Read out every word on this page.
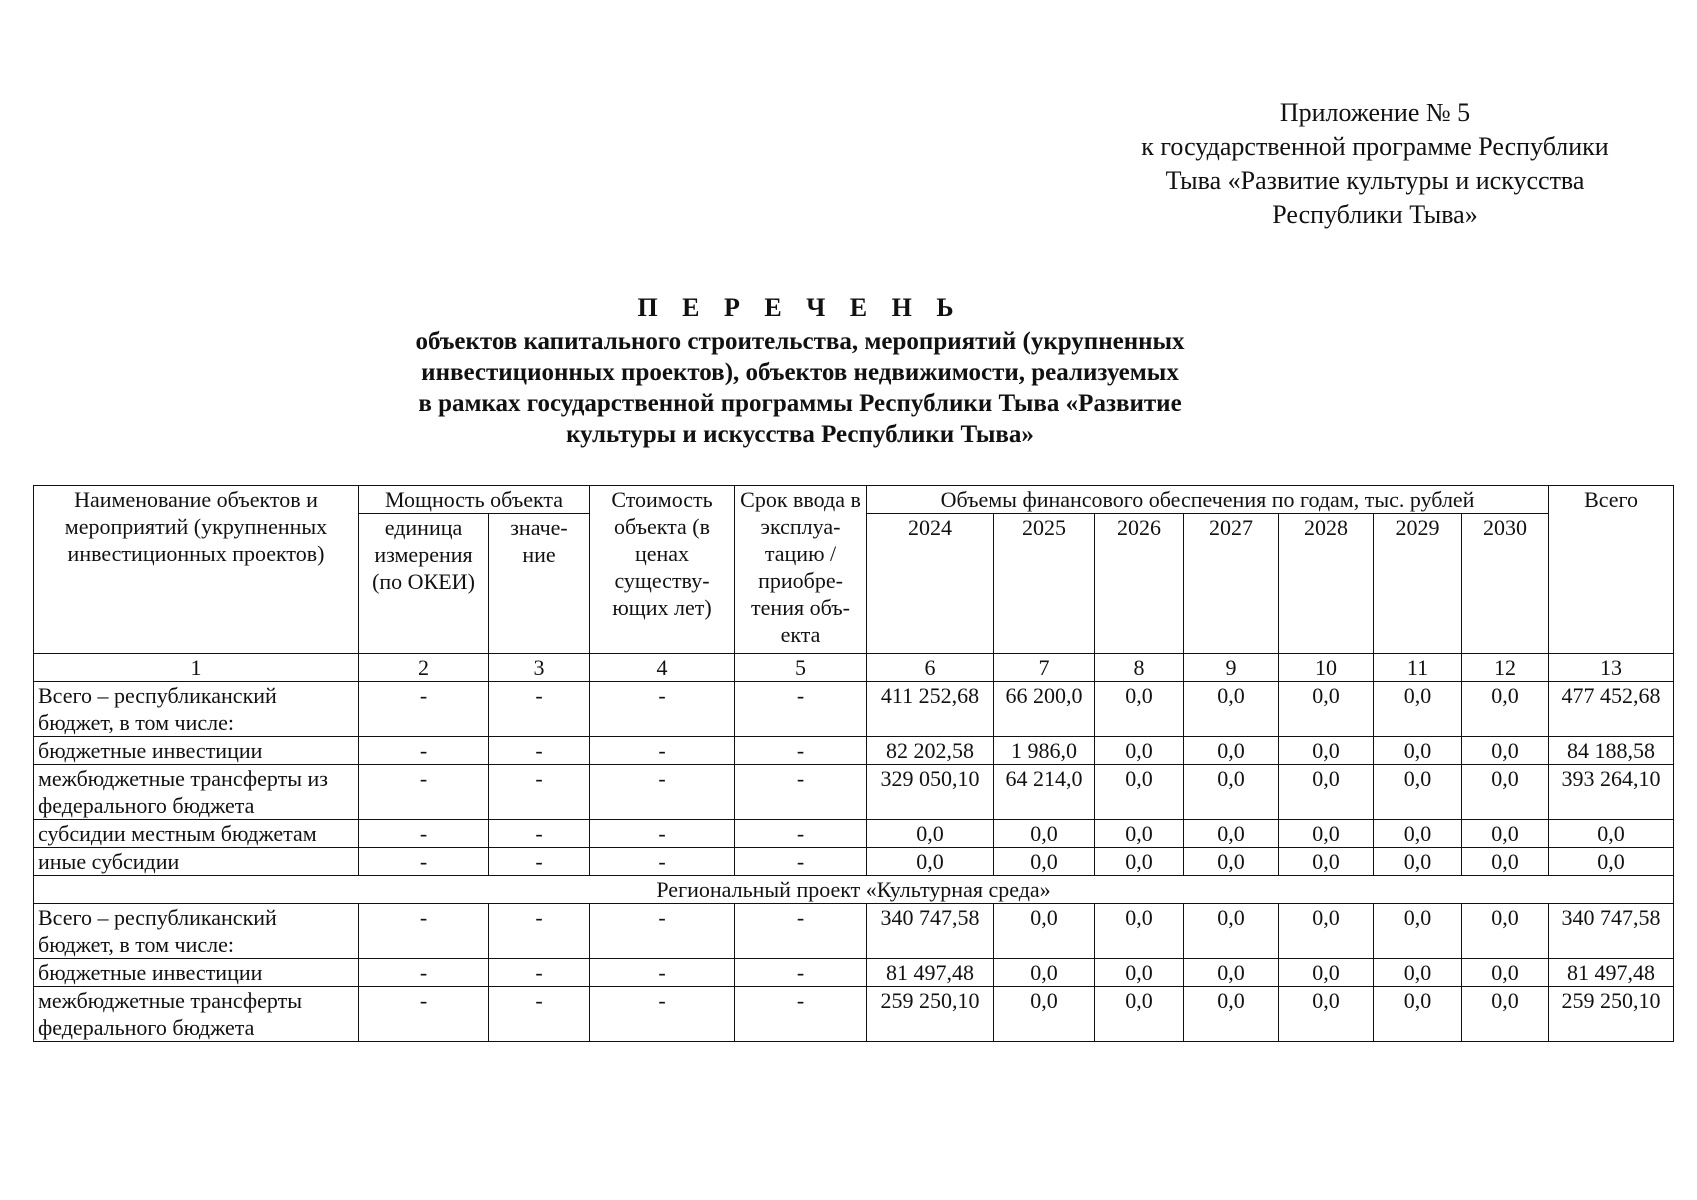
Приложение № 5
к государственной программе Республики
Тыва «Развитие культуры и искусства
Республики Тыва»
П Е Р Е Ч Е Н Ь
объектов капитального строительства, мероприятий (укрупненных
инвестиционных проектов), объектов недвижимости, реализуемых
в рамках государственной программы Республики Тыва «Развитие
культуры и искусства Республики Тыва»
Наименование объектов и мероприятий (укрупненных инвестиционных проектов)	Мощность объекта		Стоимость объекта (в ценах существу- ющих лет)	Срок ввода в эксплуа- тацию / приобре- тения объ- екта	Объемы финансового обеспечения по годам, тыс. рублей							Всего
	единица измерения (по ОКЕИ)	значе- ние			2024	2025	2026	2027	2028	2029	2030	
1	2	3	4	5	6	7	8	9	10	11	12	13
Всего – республиканский бюджет, в том числе:	-	-	-	-	411 252,68	66 200,0	0,0	0,0	0,0	0,0	0,0	477 452,68
бюджетные инвестиции	-	-	-	-	82 202,58	1 986,0	0,0	0,0	0,0	0,0	0,0	84 188,58
межбюджетные трансферты из федерального бюджета	-	-	-	-	329 050,10	64 214,0	0,0	0,0	0,0	0,0	0,0	393 264,10
субсидии местным бюджетам	-	-	-	-	0,0	0,0	0,0	0,0	0,0	0,0	0,0	0,0
иные субсидии	-	-	-	-	0,0	0,0	0,0	0,0	0,0	0,0	0,0	0,0
Региональный проект «Культурная среда»												
Всего – республиканский бюджет, в том числе:	-	-	-	-	340 747,58	0,0	0,0	0,0	0,0	0,0	0,0	340 747,58
бюджетные инвестиции	-	-	-	-	81 497,48	0,0	0,0	0,0	0,0	0,0	0,0	81 497,48
межбюджетные трансферты федерального бюджета	-	-	-	-	259 250,10	0,0	0,0	0,0	0,0	0,0	0,0	259 250,10
